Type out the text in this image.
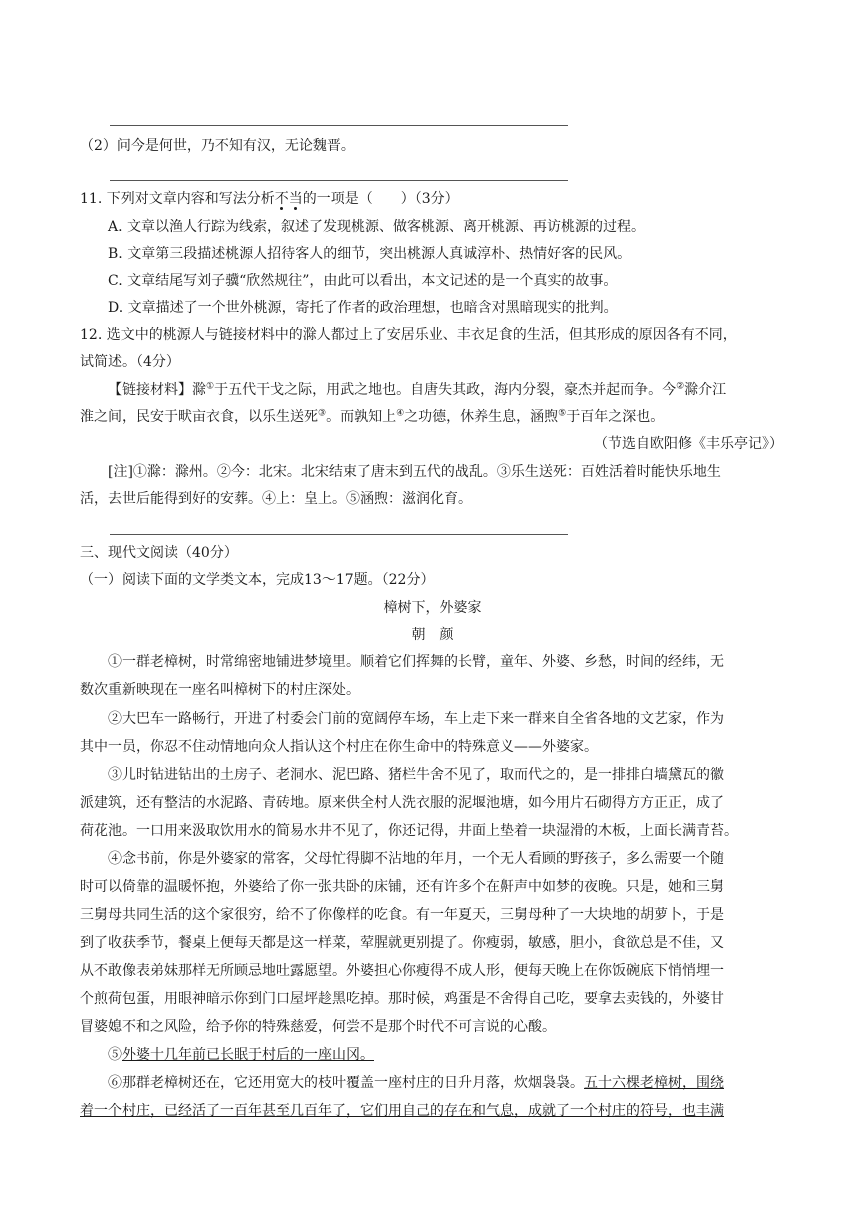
（2）问今是何世，乃不知有汉，无论魏晋。
11. 下列对文章内容和写法分析不当的一项是（　　）（3分）
A. 文章以渔人行踪为线索，叙述了发现桃源、做客桃源、离开桃源、再访桃源的过程。
B. 文章第三段描述桃源人招待客人的细节，突出桃源人真诚淳朴、热情好客的民风。
C. 文章结尾写刘子骥“欣然规往”，由此可以看出，本文记述的是一个真实的故事。
D. 文章描述了一个世外桃源，寄托了作者的政治理想，也暗含对黑暗现实的批判。
12. 选文中的桃源人与链接材料中的滁人都过上了安居乐业、丰衣足食的生活，但其形成的原因各有不同，
试简述。（4分）
【链接材料】滁①于五代干戈之际，用武之地也。自唐失其政，海内分裂，豪杰并起而争。今②滁介江
淮之间，民安于畎亩衣食，以乐生送死③。而孰知上④之功德，休养生息，涵煦⑤于百年之深也。
（节选自欧阳修《丰乐亭记》）
[注]①滁：滁州。②今：北宋。北宋结束了唐末到五代的战乱。③乐生送死：百姓活着时能快乐地生
活，去世后能得到好的安葬。④上：皇上。⑤涵煦：滋润化育。
三、现代文阅读（40分）
（一）阅读下面的文学类文本，完成13～17题。（22分）
樟树下，外婆家
朝　颜
①一群老樟树，时常绵密地铺进梦境里。顺着它们挥舞的长臂，童年、外婆、乡愁，时间的经纬，无
数次重新映现在一座名叫樟树下的村庄深处。
②大巴车一路畅行，开进了村委会门前的宽阔停车场，车上走下来一群来自全省各地的文艺家，作为
其中一员，你忍不住动情地向众人指认这个村庄在你生命中的特殊意义——外婆家。
③儿时钻进钻出的土房子、老洞水、泥巴路、猪栏牛舍不见了，取而代之的，是一排排白墙黛瓦的徽
派建筑，还有整洁的水泥路、青砖地。原来供全村人洗衣服的泥堰池塘，如今用片石砌得方方正正，成了
荷花池。一口用来汲取饮用水的简易水井不见了，你还记得，井面上垫着一块湿滑的木板，上面长满青苔。
④念书前，你是外婆家的常客，父母忙得脚不沾地的年月，一个无人看顾的野孩子，多么需要一个随
时可以倚靠的温暖怀抱，外婆给了你一张共卧的床铺，还有许多个在鼾声中如梦的夜晚。只是，她和三舅
三舅母共同生活的这个家很穷，给不了你像样的吃食。有一年夏天，三舅母种了一大块地的胡萝卜，于是
到了收获季节，餐桌上便每天都是这一样菜，荤腥就更别提了。你瘦弱，敏感，胆小，食欲总是不佳，又
从不敢像表弟妹那样无所顾忌地吐露愿望。外婆担心你瘦得不成人形，便每天晚上在你饭碗底下悄悄埋一
个煎荷包蛋，用眼神暗示你到门口屋坪趁黑吃掉。那时候，鸡蛋是不舍得自己吃，要拿去卖钱的，外婆甘
冒婆媳不和之风险，给予你的特殊慈爱，何尝不是那个时代不可言说的心酸。
⑤外婆十几年前已长眠于村后的一座山冈。
⑥那群老樟树还在，它还用宽大的枝叶覆盖一座村庄的日升月落，炊烟袅袅。五十六棵老樟树，围绕
着一个村庄，已经活了一百年甚至几百年了，它们用自己的存在和气息，成就了一个村庄的符号，也丰满
